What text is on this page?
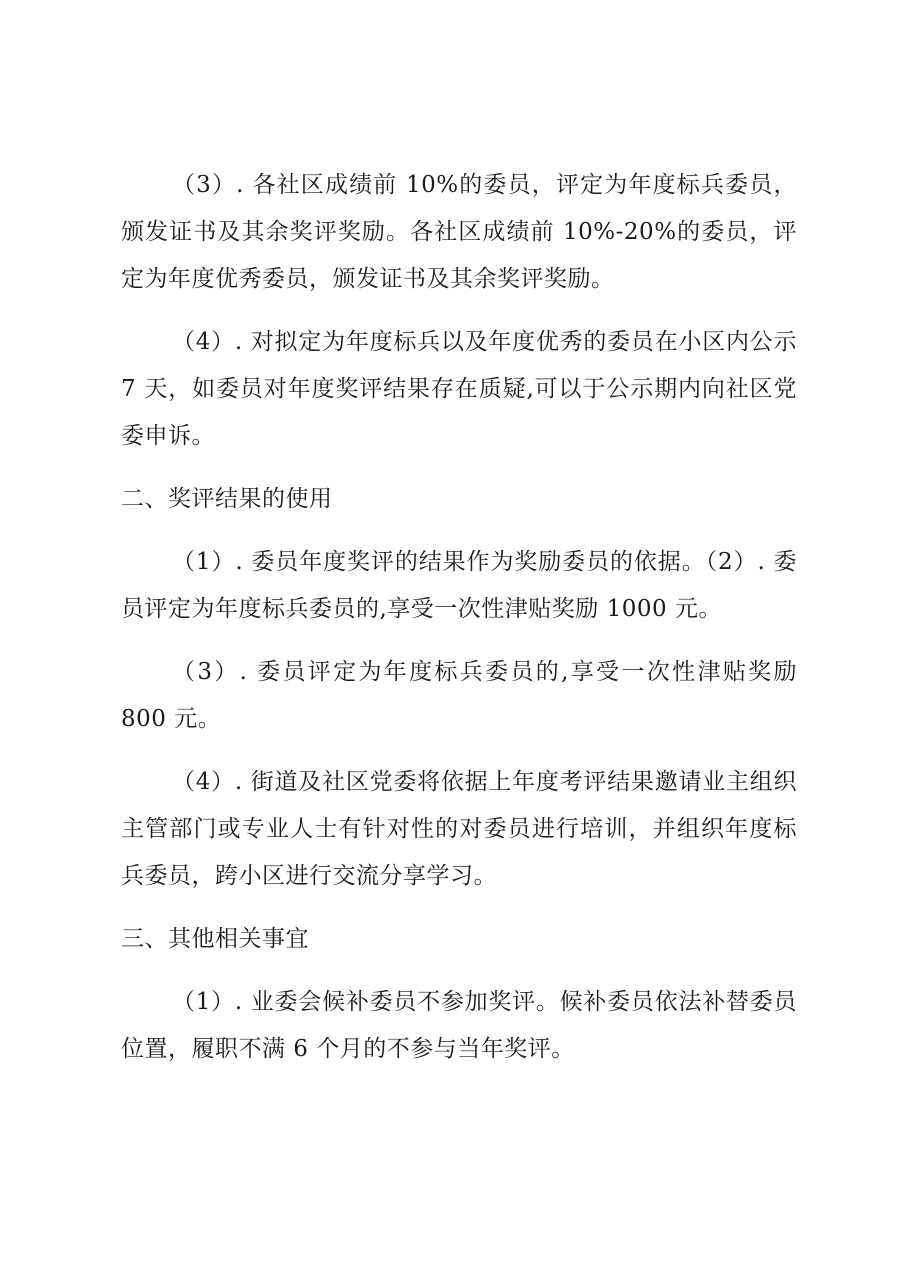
（3）. 各社区成绩前 10%的委员，评定为年度标兵委员，颁发证书及其余奖评奖励。各社区成绩前 10%-20%的委员，评定为年度优秀委员，颁发证书及其余奖评奖励。

（4）. 对拟定为年度标兵以及年度优秀的委员在小区内公示 7 天，如委员对年度奖评结果存在质疑,可以于公示期内向社区党委申诉。

二、奖评结果的使用

（1）. 委员年度奖评的结果作为奖励委员的依据。（2）. 委员评定为年度标兵委员的,享受一次性津贴奖励 1000 元。

（3）. 委员评定为年度标兵委员的,享受一次性津贴奖励 800 元。

（4）. 街道及社区党委将依据上年度考评结果邀请业主组织主管部门或专业人士有针对性的对委员进行培训，并组织年度标兵委员，跨小区进行交流分享学习。

三、其他相关事宜

（1）. 业委会候补委员不参加奖评。候补委员依法补替委员位置，履职不满 6 个月的不参与当年奖评。
